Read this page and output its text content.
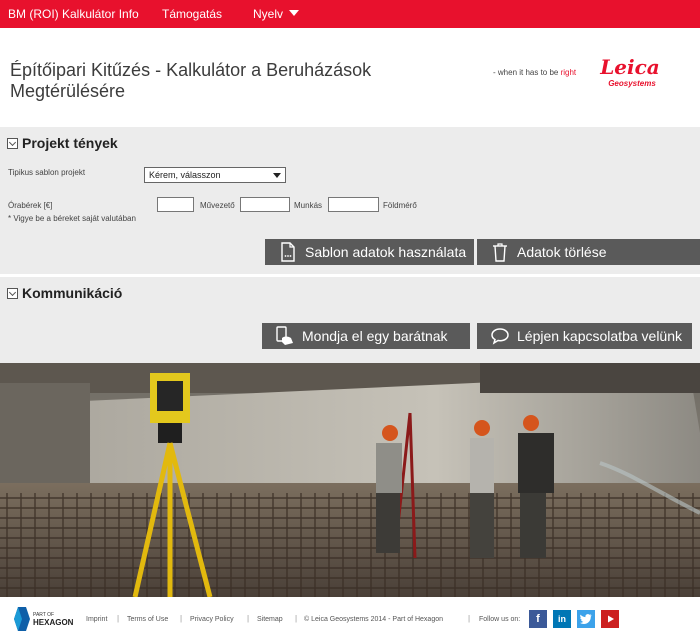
BM (ROI) Kalkulátor Info Támogatás	Nyelv
Építőipari Kitűzés - Kalkulátor a Beruházások Megtérülésére
- when it has to be right Leica
Geosystems
Projekt tények
Tipikus sablon projekt	Kérem, válasszon
Órabérek [€]	Művezető	Munkás	Földmérő
* Vigye be a béreket saját valutában
Sablon adatok használata	Adatok törlése
Kommunikáció
Mondja el egy barátnak	Lépjen kapcsolatba velünk
PART OF
HEXAGON Imprint | Terms of Use | Privacy Policy | Sitemap | © Leica Geosystems 2014 - Part of Hexagon	| Follow us on:	f	in
